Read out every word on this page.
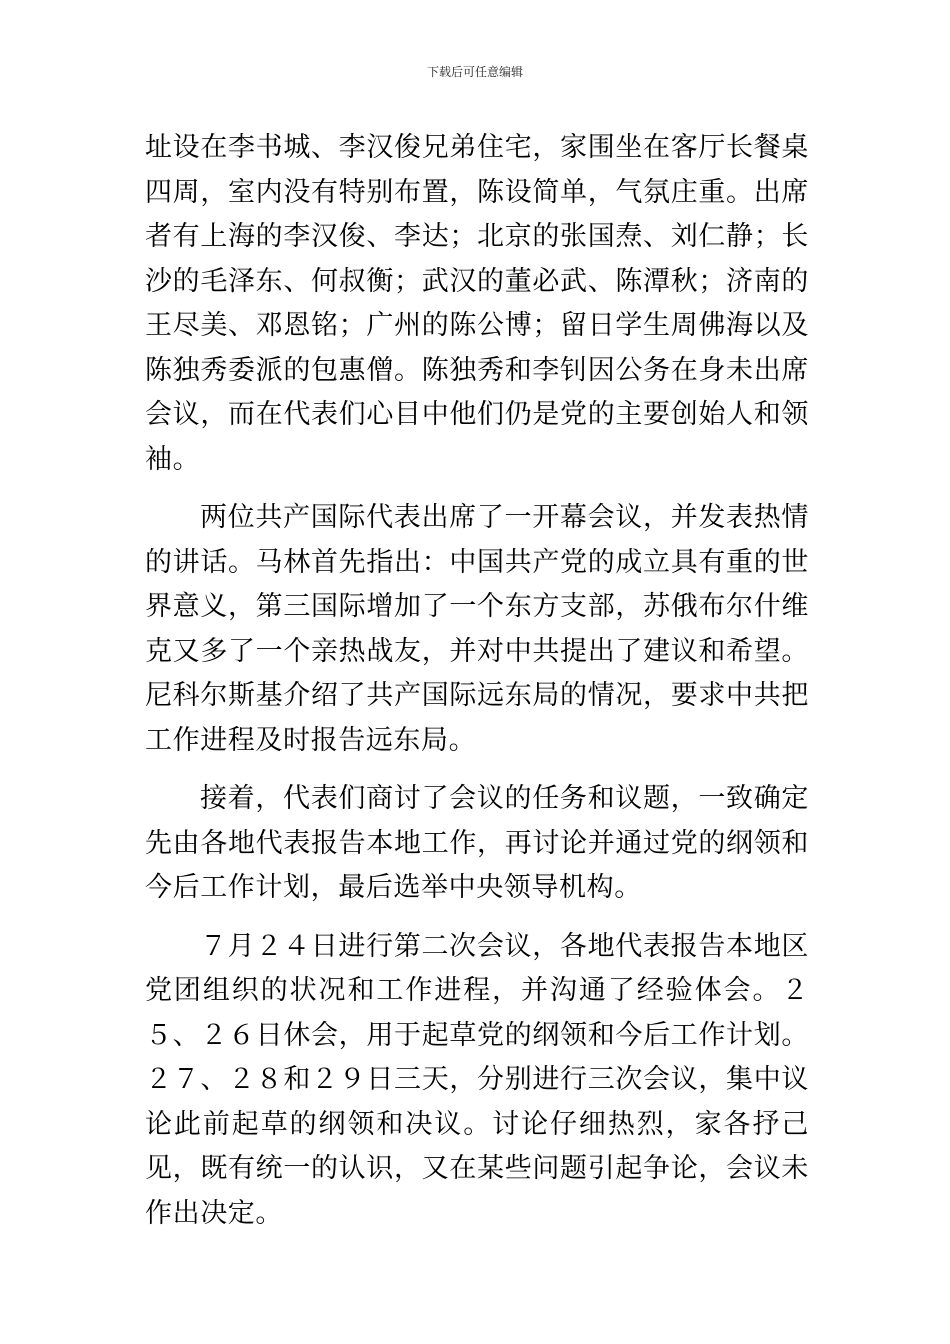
下载后可任意编辑

址设在李书城、李汉俊兄弟住宅，家围坐在客厅长餐桌四周，室内没有特别布置，陈设简单，气氛庄重。出席者有上海的李汉俊、李达；北京的张国焘、刘仁静；长沙的毛泽东、何叔衡；武汉的董必武、陈潭秋；济南的王尽美、邓恩铭；广州的陈公博；留日学生周佛海以及陈独秀委派的包惠僧。陈独秀和李钊因公务在身未出席会议，而在代表们心目中他们仍是党的主要创始人和领袖。

两位共产国际代表出席了一开幕会议，并发表热情的讲话。马林首先指出：中国共产党的成立具有重的世界意义，第三国际增加了一个东方支部，苏俄布尔什维克又多了一个亲热战友，并对中共提出了建议和希望。尼科尔斯基介绍了共产国际远东局的情况，要求中共把工作进程及时报告远东局。

接着，代表们商讨了会议的任务和议题，一致确定先由各地代表报告本地工作，再讨论并通过党的纲领和今后工作计划，最后选举中央领导机构。

７月２４日进行第二次会议，各地代表报告本地区党团组织的状况和工作进程，并沟通了经验体会。２５、２６日休会，用于起草党的纲领和今后工作计划。２７、２８和２９日三天，分别进行三次会议，集中议论此前起草的纲领和决议。讨论仔细热烈，家各抒己见，既有统一的认识，又在某些问题引起争论，会议未作出决定。
